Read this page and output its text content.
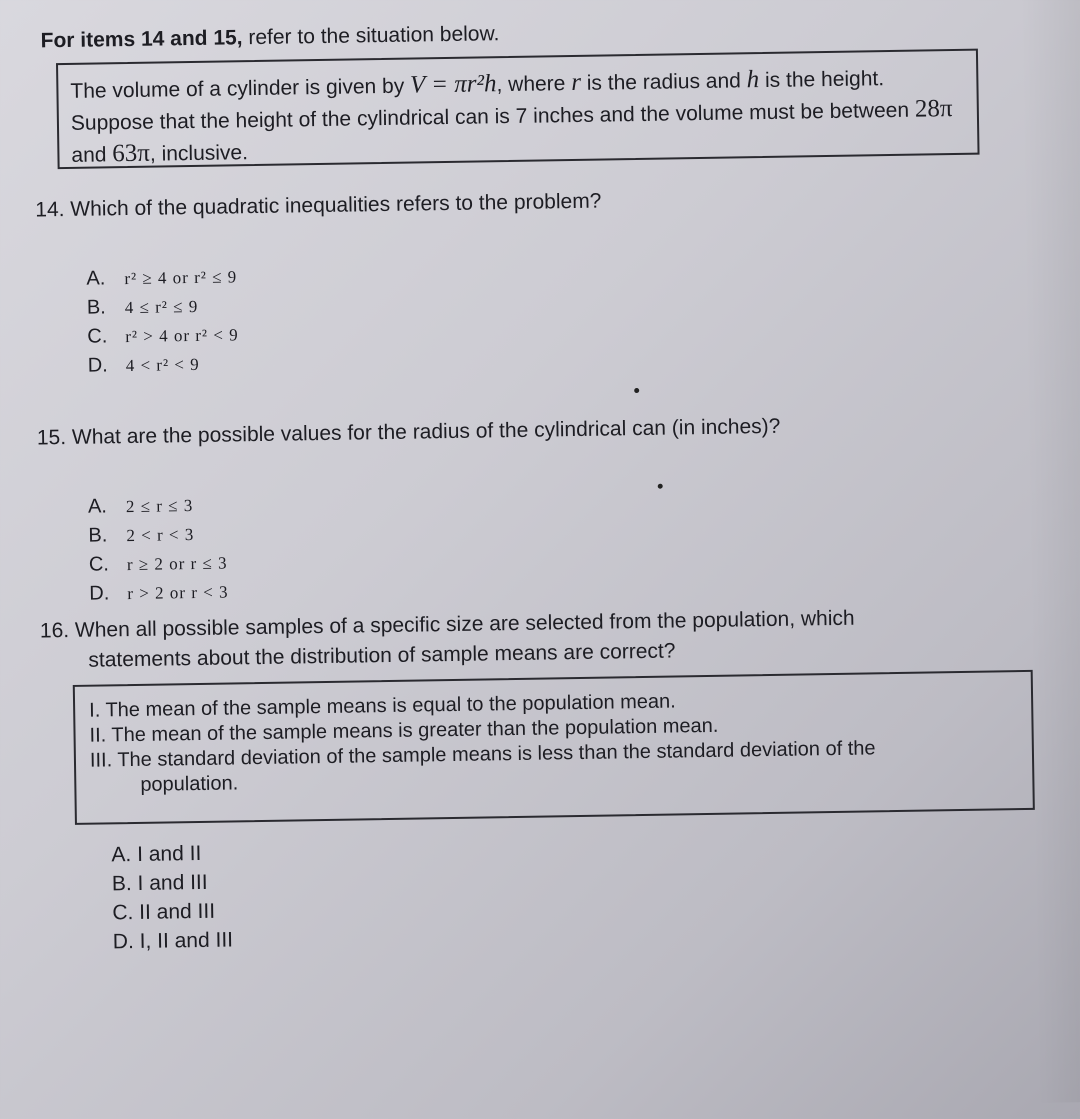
For items 14 and 15, refer to the situation below.
The volume of a cylinder is given by V = πr²h, where r is the radius and h is the height. Suppose that the height of the cylindrical can is 7 inches and the volume must be between 28π and 63π, inclusive.
14. Which of the quadratic inequalities refers to the problem?
A. r² ≥ 4 or r² ≤ 9
B. 4 ≤ r² ≤ 9
C. r² > 4 or r² < 9
D. 4 < r² < 9
15. What are the possible values for the radius of the cylindrical can (in inches)?
A. 2 ≤ r ≤ 3
B. 2 < r < 3
C. r ≥ 2 or r ≤ 3
D. r > 2 or r < 3
16. When all possible samples of a specific size are selected from the population, which
statements about the distribution of sample means are correct?
I. The mean of the sample means is equal to the population mean.
II. The mean of the sample means is greater than the population mean.
III. The standard deviation of the sample means is less than the standard deviation of the
population.
A. I and II
B. I and III
C. II and III
D. I, II and III
